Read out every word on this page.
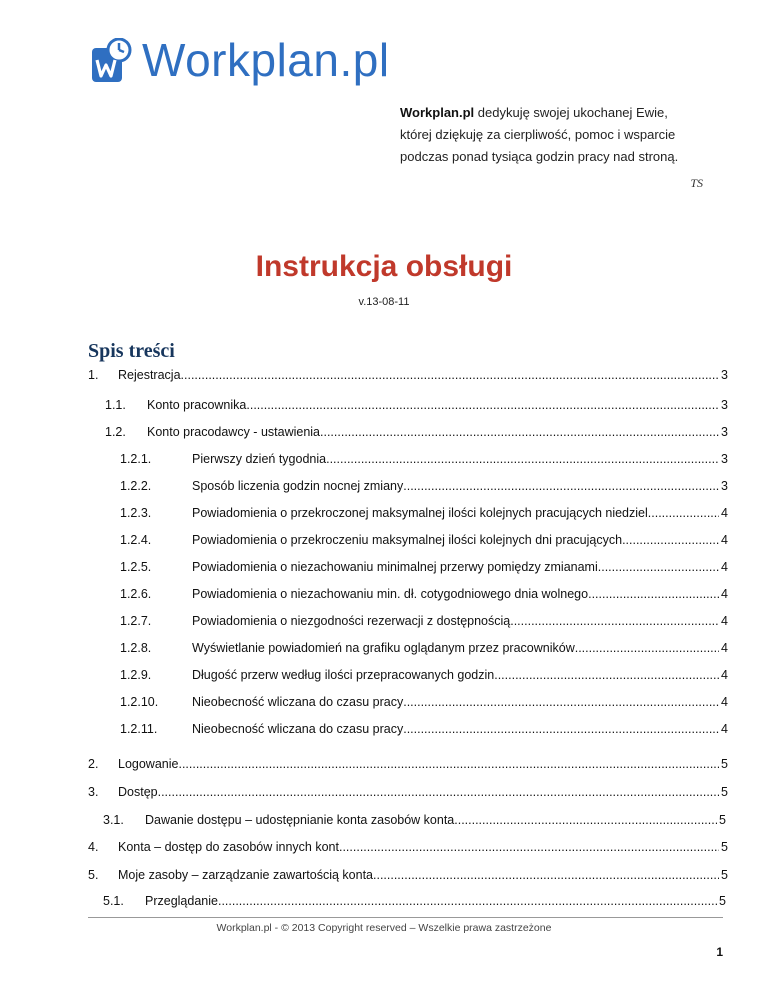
Workplan.pl
Workplan.pl dedykuję swojej ukochanej Ewie,
której dziękuję za cierpliwość, pomoc i wsparcie
podczas ponad tysiąca godzin pracy nad stroną.
TS
Instrukcja obsługi
v.13-08-11
Spis treści
1.	Rejestracja .....	3
1.1.	Konto pracownika .....	3
1.2.	Konto pracodawcy - ustawienia .....	3
1.2.1.	Pierwszy dzień tygodnia .....	3
1.2.2.	Sposób liczenia godzin nocnej zmiany .....	3
1.2.3.	Powiadomienia o przekroczonej maksymalnej ilości kolejnych pracujących niedziel .....	4
1.2.4.	Powiadomienia o przekroczeniu maksymalnej ilości kolejnych dni pracujących .....	4
1.2.5.	Powiadomienia o niezachowaniu minimalnej przerwy pomiędzy zmianami .....	4
1.2.6.	Powiadomienia o niezachowaniu min. dł. cotygodniowego dnia wolnego .....	4
1.2.7.	Powiadomienia o niezgodności rezerwacji z dostępnością .....	4
1.2.8.	Wyświetlanie powiadomień na grafiku oglądanym przez pracowników .....	4
1.2.9.	Długość przerw według ilości przepracowanych godzin .....	4
1.2.10.	Nieobecność wliczana do czasu pracy .....	4
1.2.11.	Nieobecność wliczana do czasu pracy .....	4
2.	Logowanie .....	5
3.	Dostęp .....	5
3.1.	Dawanie dostępu – udostępnianie konta zasobów konta .....	5
4.	Konta – dostęp do zasobów innych kont .....	5
5.	Moje zasoby – zarządzanie zawartością konta .....	5
5.1.	Przeglądanie .....	5
Workplan.pl - © 2013 Copyright reserved – Wszelkie prawa zastrzeżone
1
